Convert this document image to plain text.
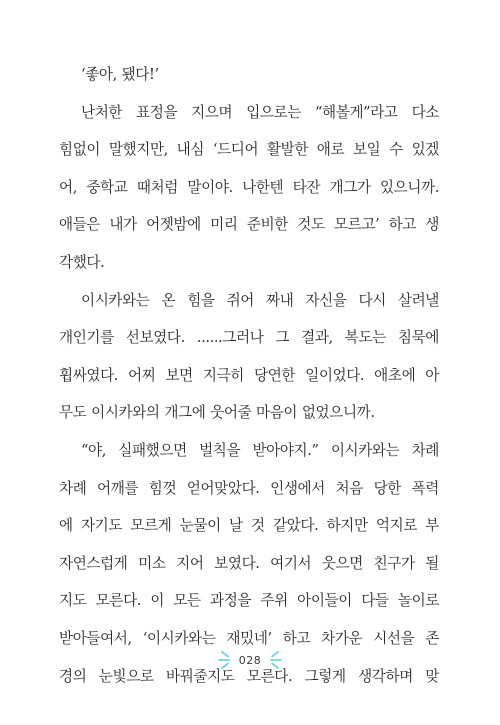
‘좋아, 됐다!’
난처한 표정을 지으며 입으로는 “해볼게”라고 다소
힘없이 말했지만, 내심 ‘드디어 활발한 애로 보일 수 있겠
어, 중학교 때처럼 말이야. 나한텐 타잔 개그가 있으니까.
애들은 내가 어젯밤에 미리 준비한 것도 모르고’ 하고 생
각했다.
이시카와는 온 힘을 쥐어 짜내 자신을 다시 살려낼
개인기를 선보였다. ......그러나 그 결과, 복도는 침묵에
휩싸였다. 어찌 보면 지극히 당연한 일이었다. 애초에 아
무도 이시카와의 개그에 웃어줄 마음이 없었으니까.
“야, 실패했으면 벌칙을 받아야지.” 이시카와는 차례
차례 어깨를 힘껏 얻어맞았다. 인생에서 처음 당한 폭력
에 자기도 모르게 눈물이 날 것 같았다. 하지만 억지로 부
자연스럽게 미소 지어 보였다. 여기서 웃으면 친구가 될
지도 모른다. 이 모든 과정을 주위 아이들이 다들 놀이로
받아들여서, ‘이시카와는 재밌네’ 하고 차가운 시선을 존
경의 눈빛으로 바꿔줄지도 모른다. 그렇게 생각하며 맞
028
